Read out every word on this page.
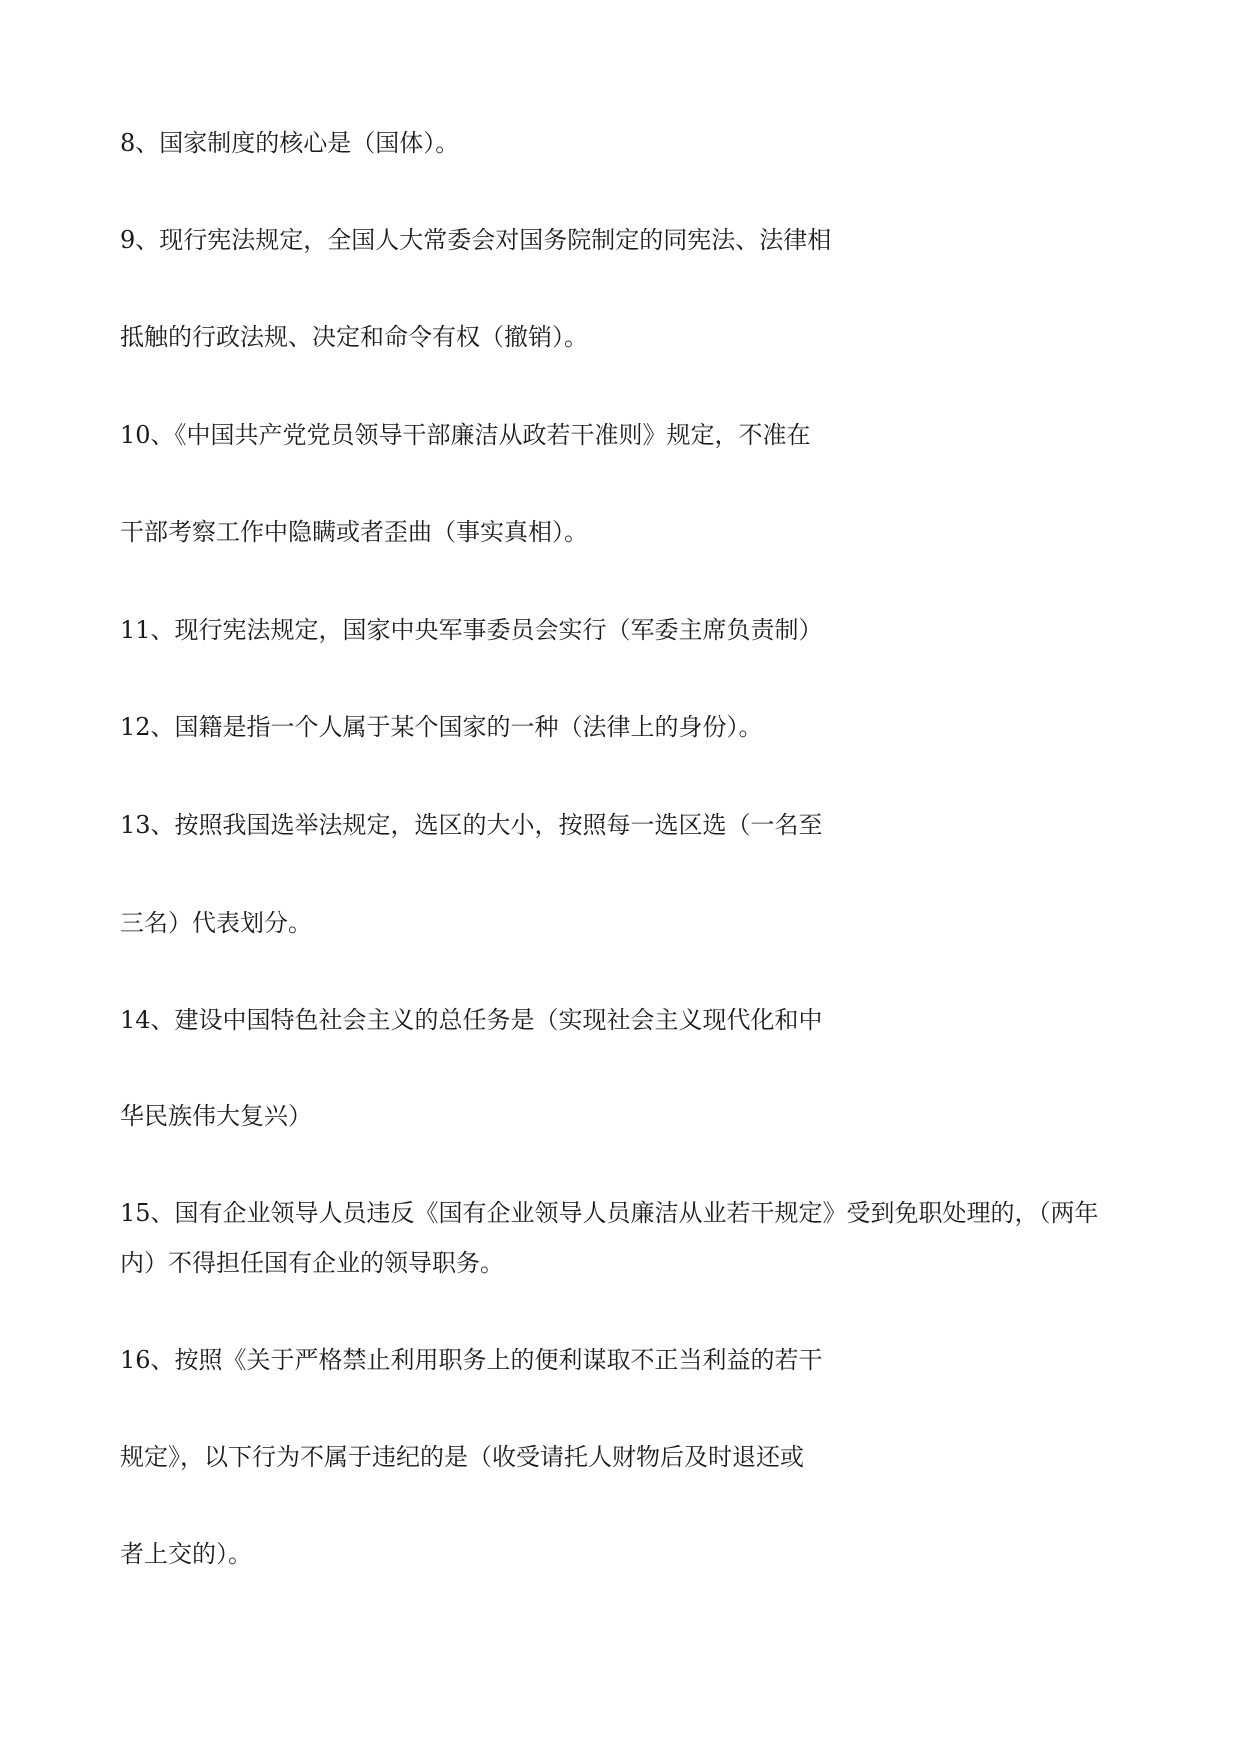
8、国家制度的核心是（国体）。
9、现行宪法规定，全国人大常委会对国务院制定的同宪法、法律相
抵触的行政法规、决定和命令有权（撤销）。
10、《中国共产党党员领导干部廉洁从政若干准则》规定，不准在
干部考察工作中隐瞒或者歪曲（事实真相）。
11、现行宪法规定，国家中央军事委员会实行（军委主席负责制）
12、国籍是指一个人属于某个国家的一种（法律上的身份）。
13、按照我国选举法规定，选区的大小，按照每一选区选（一名至
三名）代表划分。
14、建设中国特色社会主义的总任务是（实现社会主义现代化和中
华民族伟大复兴）
15、国有企业领导人员违反《国有企业领导人员廉洁从业若干规定》受到免职处理的，（两年
内）不得担任国有企业的领导职务。
16、按照《关于严格禁止利用职务上的便利谋取不正当利益的若干
规定》，以下行为不属于违纪的是（收受请托人财物后及时退还或
者上交的）。
